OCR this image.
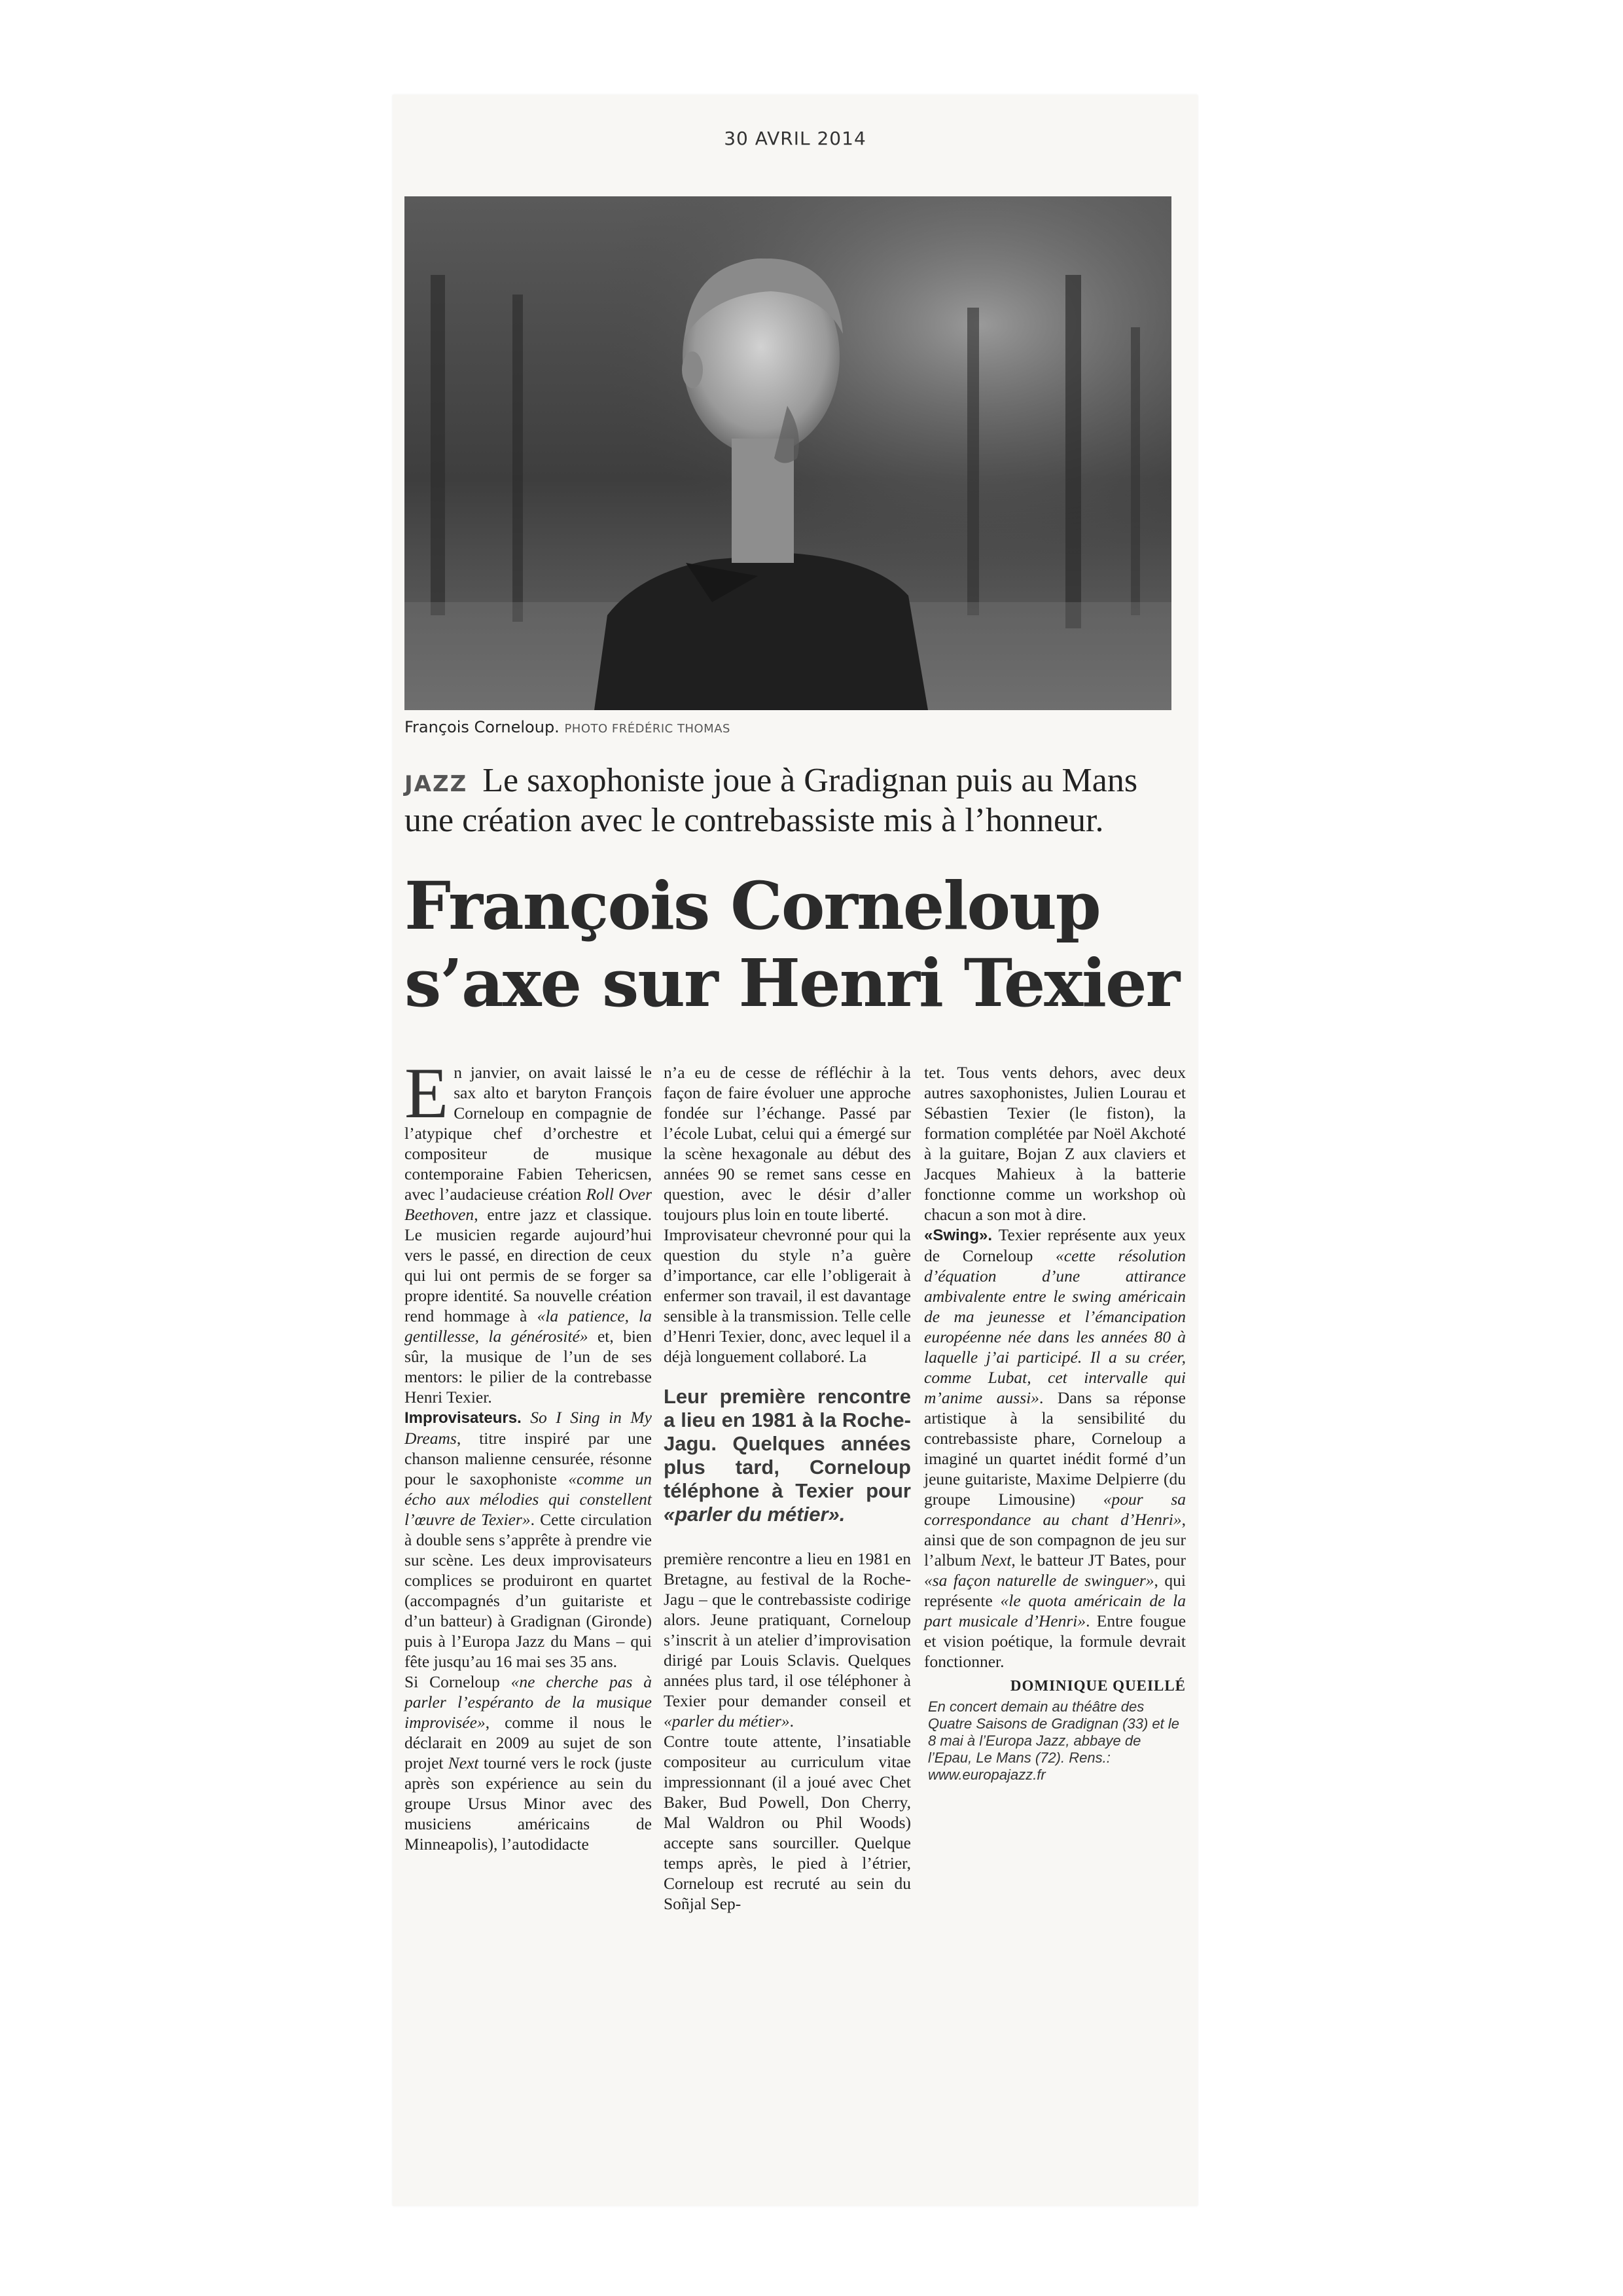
30 AVRIL 2014
François Corneloup. PHOTO FRÉDÉRIC THOMAS
JAZZ Le saxophoniste joue à Gradignan puis au Mans une création avec le contrebassiste mis à l’honneur.
François Corneloup
s’axe sur Henri Texier

En janvier, on avait laissé le sax alto et baryton François Corneloup en compagnie de l’atypique chef d’orchestre et compositeur de musique contemporaine Fabien Tehericsen, avec l’audacieuse création Roll Over Beethoven, entre jazz et classique. Le musicien regarde aujourd’hui vers le passé, en direction de ceux qui lui ont permis de se forger sa propre identité. Sa nouvelle création rend hommage à «la patience, la gentillesse, la générosité» et, bien sûr, la musique de l’un de ses mentors: le pilier de la contrebasse Henri Texier.

Improvisateurs. So I Sing in My Dreams, titre inspiré par une chanson malienne censurée, résonne pour le saxophoniste «comme un écho aux mélodies qui constellent l’œuvre de Texier». Cette circulation à double sens s’apprête à prendre vie sur scène. Les deux improvisateurs complices se produiront en quartet (accompagnés d’un guitariste et d’un batteur) à Gradignan (Gironde) puis à l’Europa Jazz du Mans – qui fête jusqu’au 16 mai ses 35 ans.

Si Corneloup «ne cherche pas à parler l’espéranto de la musique improvisée», comme il nous le déclarait en 2009 au sujet de son projet Next tourné vers le rock (juste après son expérience au sein du groupe Ursus Minor avec des musiciens américains de Minneapolis), l’autodidacte

n’a eu de cesse de réfléchir à la façon de faire évoluer une approche fondée sur l’échange. Passé par l’école Lubat, celui qui a émergé sur la scène hexagonale au début des années 90 se remet sans cesse en question, avec le désir d’aller toujours plus loin en toute liberté.

Improvisateur chevronné pour qui la question du style n’a guère d’importance, car elle l’obligerait à enfermer son travail, il est davantage sensible à la transmission. Telle celle d’Henri Texier, donc, avec lequel il a déjà longuement collaboré. La

Leur première rencontre a lieu en 1981 à la Roche-Jagu. Quelques années plus tard, Corneloup téléphone à Texier pour «parler du métier».

première rencontre a lieu en 1981 en Bretagne, au festival de la Roche-Jagu – que le contrebassiste codirige alors. Jeune pratiquant, Corneloup s’inscrit à un atelier d’improvisation dirigé par Louis Sclavis. Quelques années plus tard, il ose téléphoner à Texier pour demander conseil et «parler du métier».

Contre toute attente, l’insatiable compositeur au curriculum vitae impressionnant (il a joué avec Chet Baker, Bud Powell, Don Cherry, Mal Waldron ou Phil Woods) accepte sans sourciller. Quelque temps après, le pied à l’étrier, Corneloup est recruté au sein du Soñjal Sep-

tet. Tous vents dehors, avec deux autres saxophonistes, Julien Lourau et Sébastien Texier (le fiston), la formation complétée par Noël Akchoté à la guitare, Bojan Z aux claviers et Jacques Mahieux à la batterie fonctionne comme un workshop où chacun a son mot à dire.

«Swing». Texier représente aux yeux de Corneloup «cette résolution d’équation d’une attirance ambivalente entre le swing américain de ma jeunesse et l’émancipation européenne née dans les années 80 à laquelle j’ai participé. Il a su créer, comme Lubat, cet intervalle qui m’anime aussi». Dans sa réponse artistique à la sensibilité du contrebassiste phare, Corneloup a imaginé un quartet inédit formé d’un jeune guitariste, Maxime Delpierre (du groupe Limousine) «pour sa correspondance au chant d’Henri», ainsi que de son compagnon de jeu sur l’album Next, le batteur JT Bates, pour «sa façon naturelle de swinguer», qui représente «le quota américain de la part musicale d’Henri». Entre fougue et vision poétique, la formule devrait fonctionner.

DOMINIQUE QUEILLÉ
En concert demain au théâtre des Quatre Saisons de Gradignan (33) et le 8 mai à l’Europa Jazz, abbaye de l’Epau, Le Mans (72). Rens.: www.europajazz.fr
